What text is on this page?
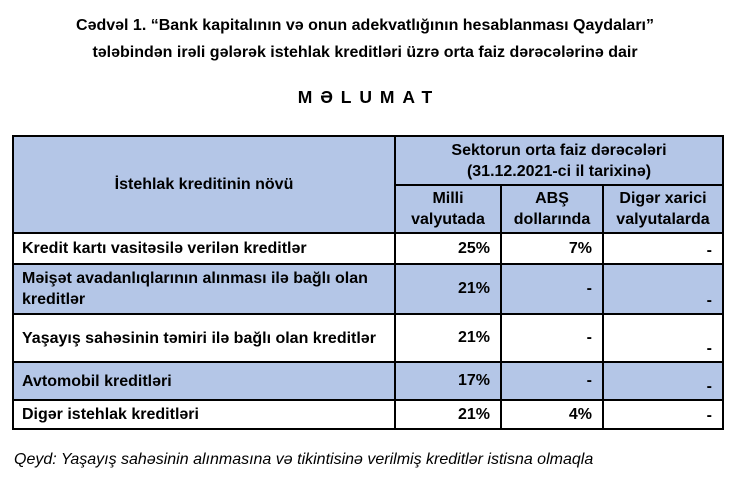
Cədvəl 1. “Bank kapitalının və onun adekvatlığının hesablanması Qaydaları”
tələbindən irəli gələrək istehlak kreditləri üzrə orta faiz dərəcələrinə dair
MƏLUMAT
İstehlak kreditinin növü	Sektorun orta faiz dərəcələri
(31.12.2021-ci il tarixinə)		

	Milli valyutada	ABŞ dollarında	Digər xarici valyutalarda
Kredit kartı vasitəsilə verilən kreditlər	25%	7%	-
Məişət avadanlıqlarının alınması ilə bağlı olan kreditlər	21%	-	-
Yaşayış sahəsinin təmiri ilə bağlı olan kreditlər	21%	-	-
Avtomobil kreditləri	17%	-	-
Digər istehlak kreditləri	21%	4%	-
Qeyd: Yaşayış sahəsinin alınmasına və tikintisinə verilmiş kreditlər istisna olmaqla
